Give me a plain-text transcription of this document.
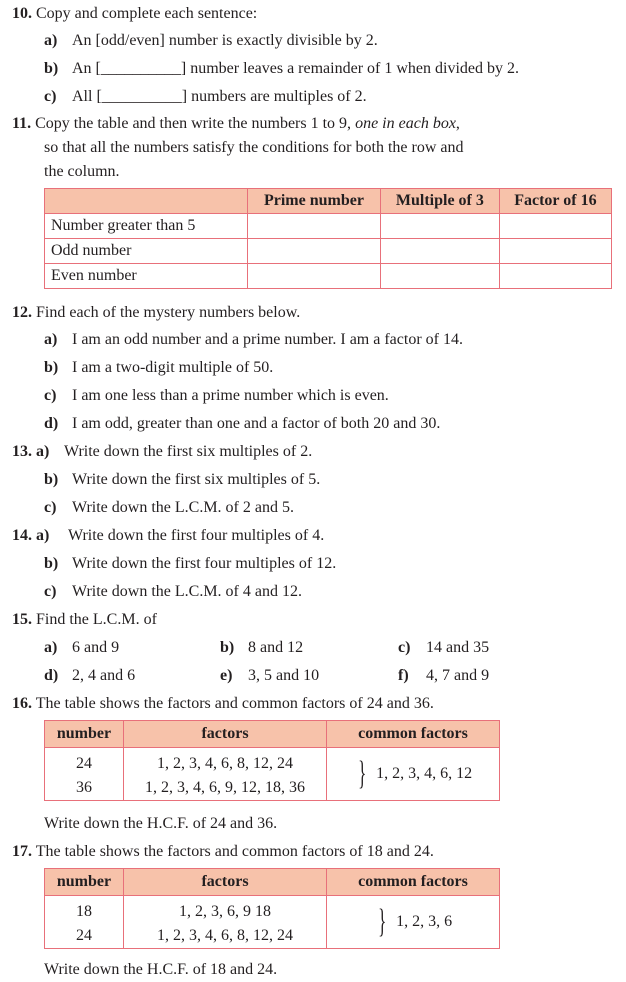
10. Copy and complete each sentence:
a) An [odd/even] number is exactly divisible by 2.
b) An [__________] number leaves a remainder of 1 when divided by 2.
c) All [__________] numbers are multiples of 2.
11. Copy the table and then write the numbers 1 to 9, one in each box,
so that all the numbers satisfy the conditions for both the row and
the column.
	Prime number	Multiple of 3	Factor of 16
Number greater than 5			
Odd number			
Even number			
12. Find each of the mystery numbers below.
a) I am an odd number and a prime number. I am a factor of 14.
b) I am a two-digit multiple of 50.
c) I am one less than a prime number which is even.
d) I am odd, greater than one and a factor of both 20 and 30.
13. a) Write down the first six multiples of 2.
b) Write down the first six multiples of 5.
c) Write down the L.C.M. of 2 and 5.
14. a) Write down the first four multiples of 4.
b) Write down the first four multiples of 12.
c) Write down the L.C.M. of 4 and 12.
15. Find the L.C.M. of
a) 6 and 9	b) 8 and 12	c) 14 and 35
d) 2, 4 and 6	e) 3, 5 and 10	f) 4, 7 and 9
16. The table shows the factors and common factors of 24 and 36.
number	factors	common factors
24	1, 2, 3, 4, 6, 8, 12, 24	} 1, 2, 3, 4, 6, 12

36	1, 2, 3, 4, 6, 9, 12, 18, 36	
Write down the H.C.F. of 24 and 36.
17. The table shows the factors and common factors of 18 and 24.
number	factors	common factors
18	1, 2, 3, 6, 9 18	} 1, 2, 3, 6

24	1, 2, 3, 4, 6, 8, 12, 24	
Write down the H.C.F. of 18 and 24.
